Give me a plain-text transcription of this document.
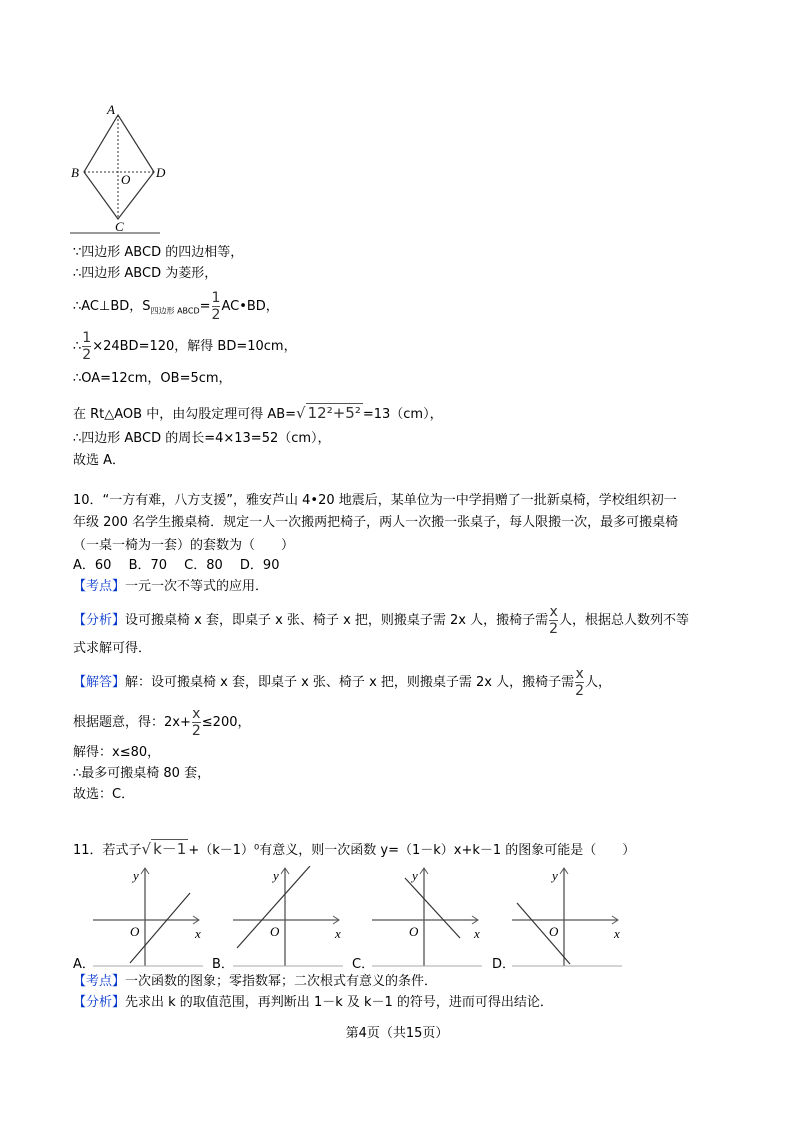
A
B	O D
C
∵四边形 ABCD 的四边相等，
∴四边形 ABCD 为菱形，
∴AC⊥BD，$S_{四边形 ABCD}= \frac{1}{2}$ AC•BD，
∴ $\frac{1}{2} \times 24BD=120$，解得 BD=10cm，
∴OA=12cm，OB=5cm，
在 Rt△AOB 中，由勾股定理可得 AB=√ 12²+5² =13（cm），
∴四边形 ABCD 的周长=4×13=52（cm），
故选 A．
10．“一方有难，八方支援”，雅安芦山 4•20 地震后，某单位为一中学捐赠了一批新桌椅，学校组织初一
年级 200 名学生搬桌椅．规定一人一次搬两把椅子，两人一次搬一张桌子，每人限搬一次，最多可搬桌椅
（一桌一椅为一套）的套数为（　　）
A．60　 B．70　 C．80　 D．90
【考点】一元一次不等式的应用．
【分析】设可搬桌椅 x 套，即桌子 x 张、椅子 x 把，则搬桌子需 2x 人，搬椅子需 $\frac{x}{2}$ 人，根据总人数列不等
式求解可得．
【解答】解：设可搬桌椅 x 套，即桌子 x 张、椅子 x 把，则搬桌子需 2x 人，搬椅子需 $\frac{x}{2}$ 人，
根据题意，得：$2x+ \frac{x}{2} \le 200$，
解得：x≤80，
∴最多可搬桌椅 80 套，
故选：C．
11．若式子√ k－1 +（k－1）⁰有意义，则一次函数 y=（1－k）x+k－1 的图象可能是（　　）
y
x
O
y
x
O
y
x
O
y
x
O
A．	B．	C．	D．
【考点】一次函数的图象；零指数幂；二次根式有意义的条件．
【分析】先求出 k 的取值范围，再判断出 1－k 及 k－1 的符号，进而可得出结论．
第4页（共15页）
